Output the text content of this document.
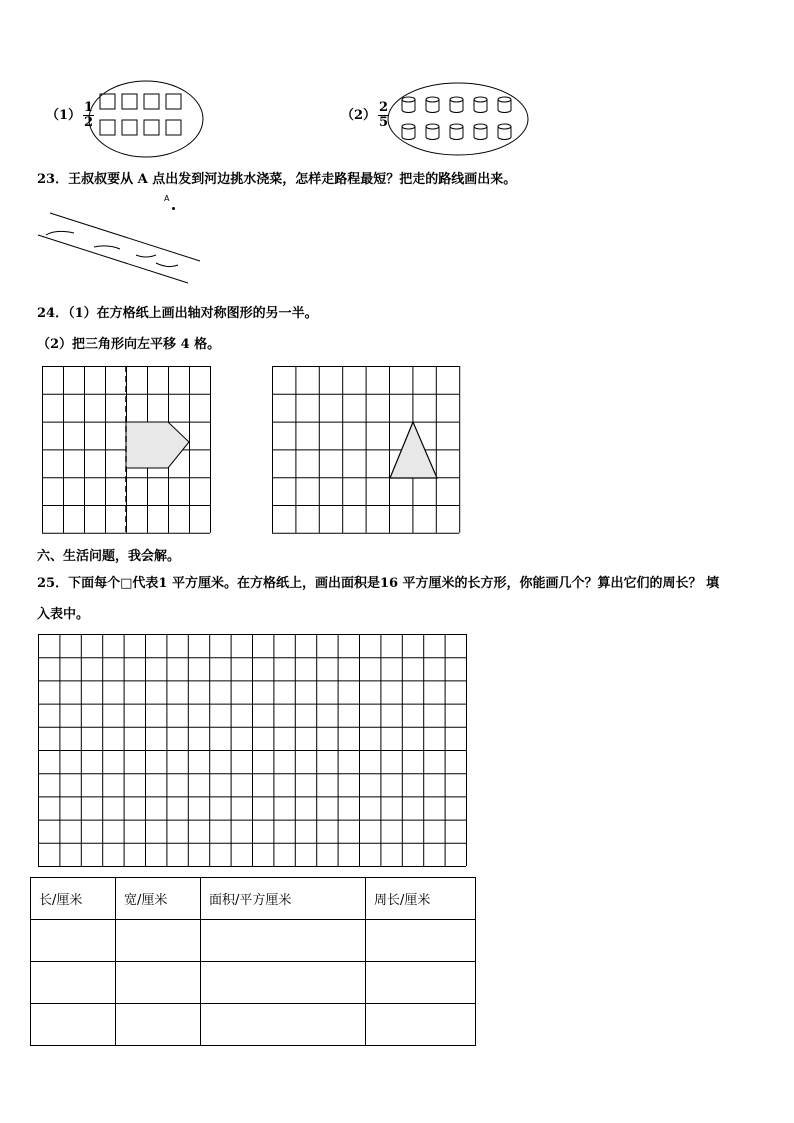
$(1) \frac{1}{2}$	$(2) \frac{2}{5}$
23．王叔叔要从 A 点出发到河边挑水浇菜，怎样走路程最短？把走的路线画出来。
A
24．（1）在方格纸上画出轴对称图形的另一半。
（2）把三角形向左平移 4 格。
六、生活问题，我会解。
25．下面每个□代表1 平方厘米。在方格纸上，画出面积是16 平方厘米的长方形，你能画几个？算出它们的周长？ 填
入表中。
长/厘米	宽/厘米	面积/平方厘米	周长/厘米
